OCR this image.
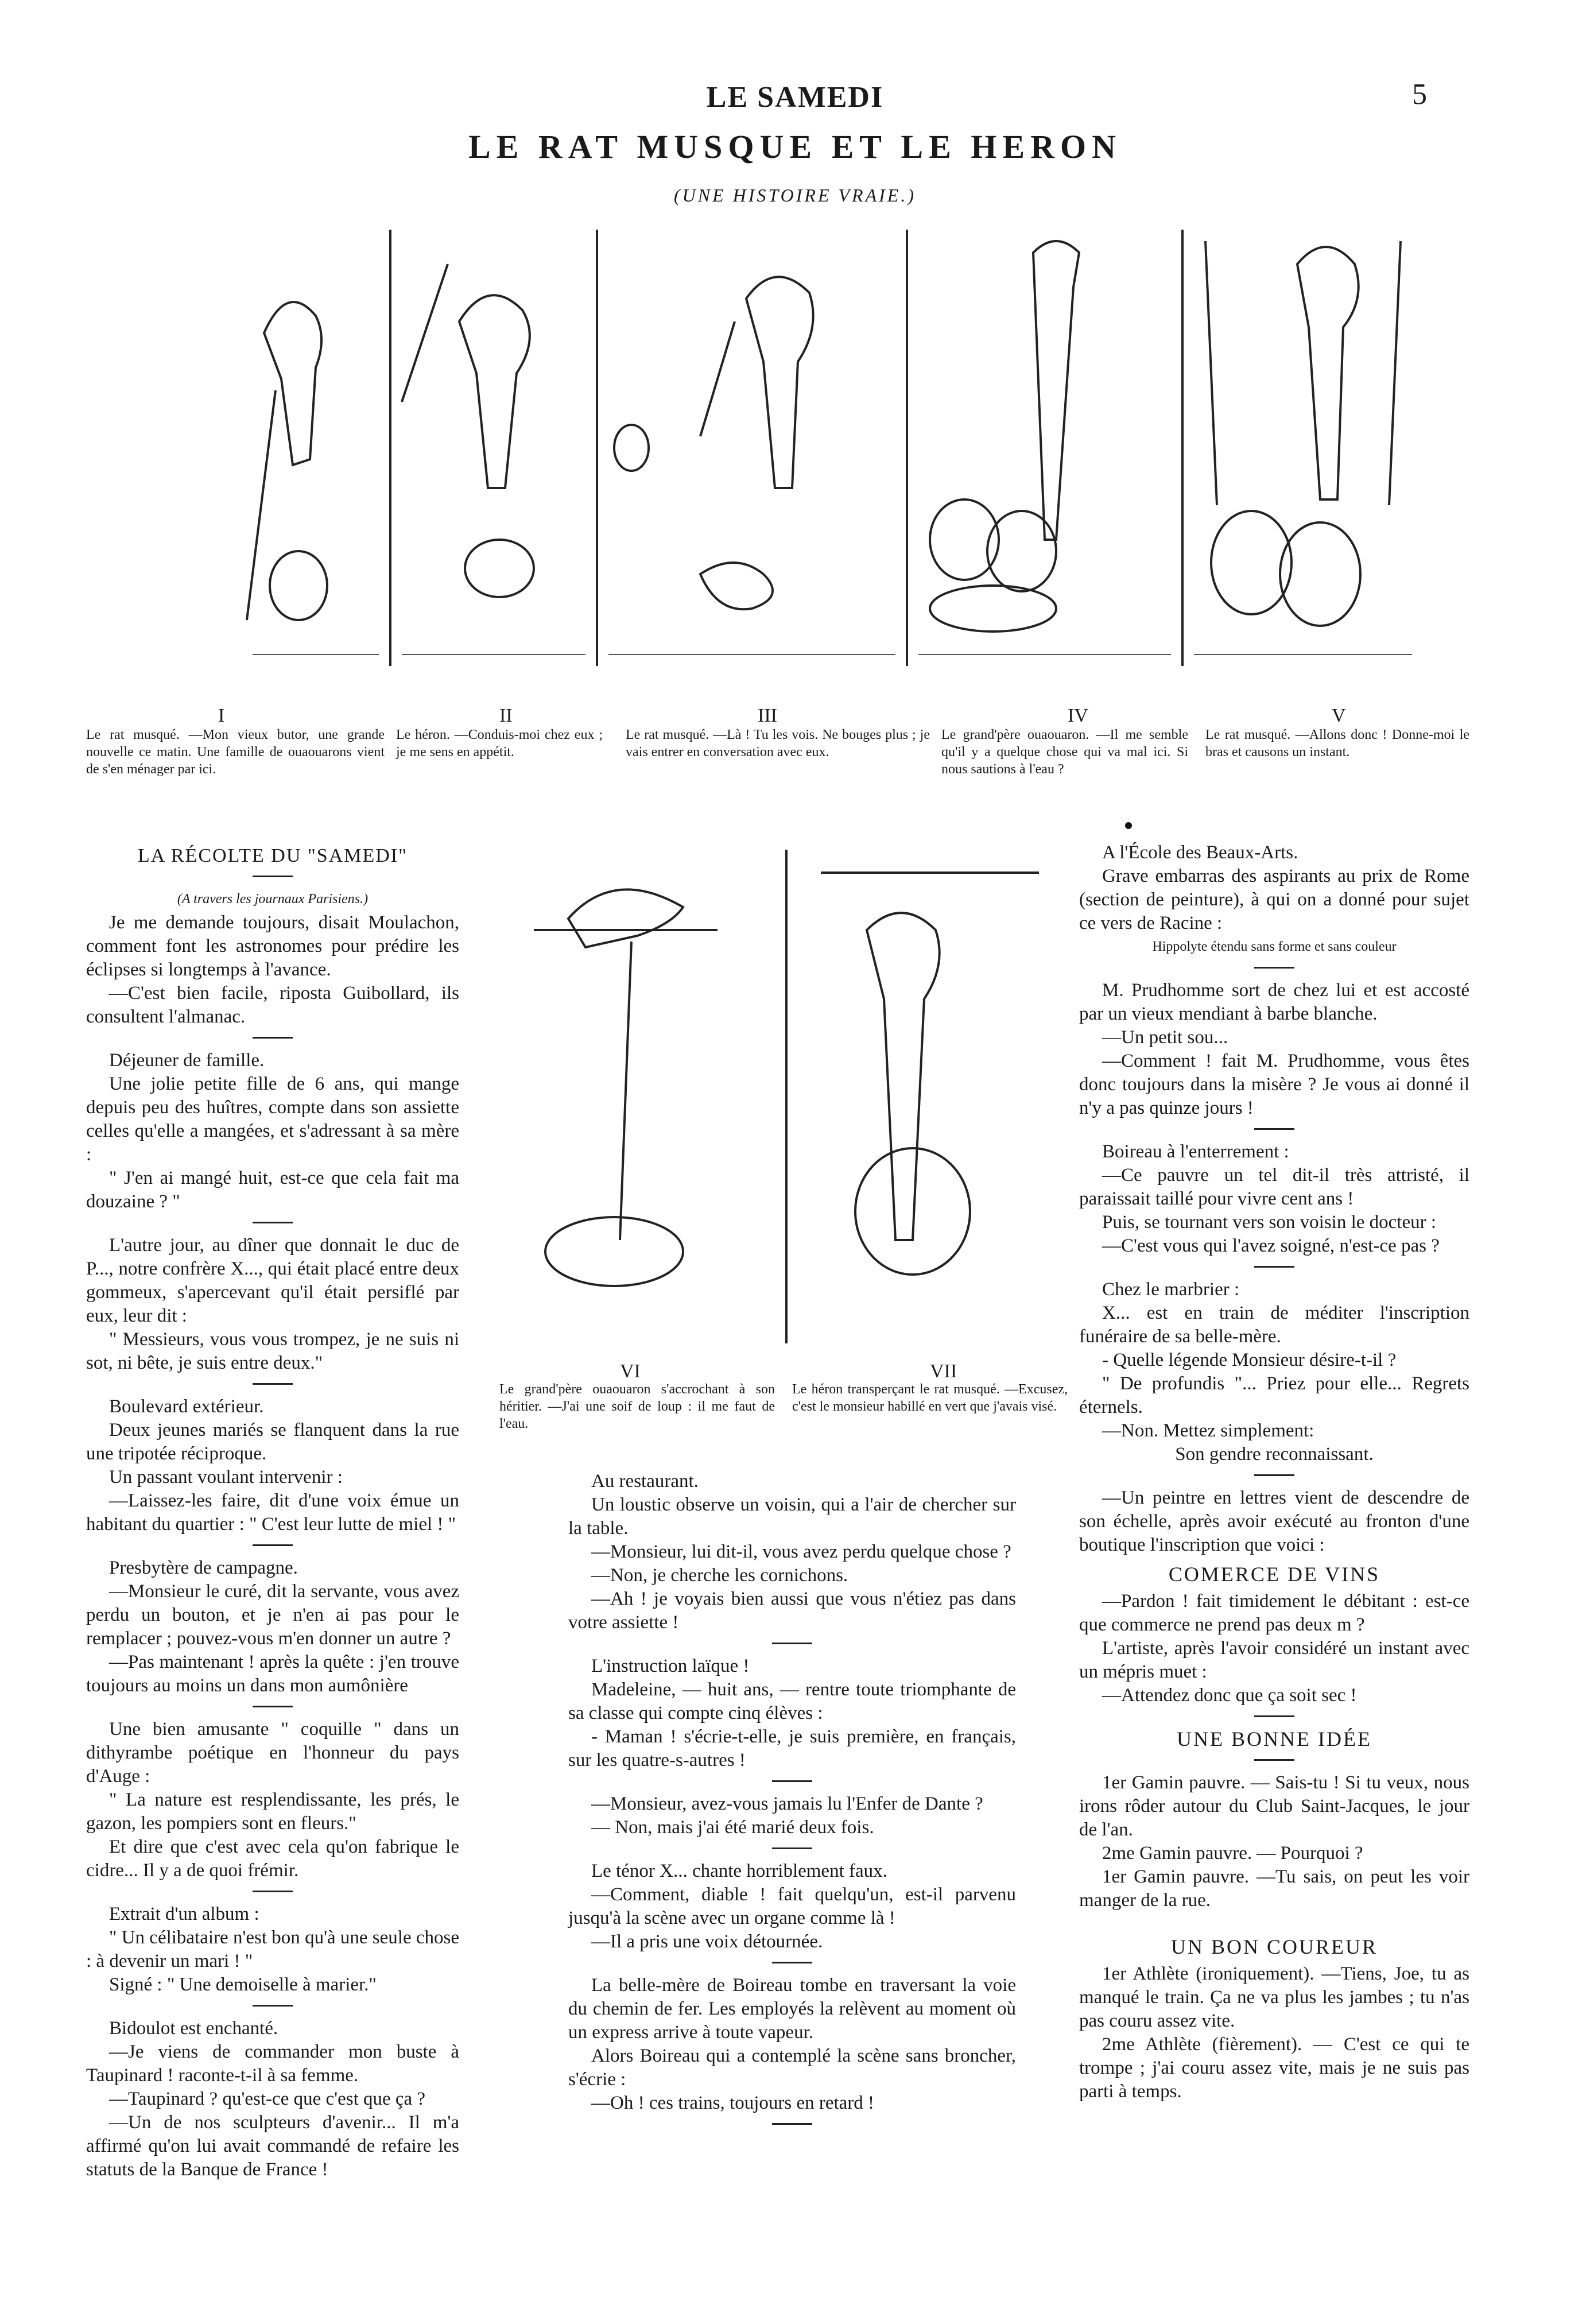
LE SAMEDI	5
LE RAT MUSQUE ET LE HERON
(UNE HISTOIRE VRAIE.)
I
Le rat musqué. —Mon vieux butor, une grande nouvelle ce matin. Une famille de ouaouarons vient de s'en ménager par ici.
II
Le héron. —Conduis-moi chez eux ; je me sens en appétit.
III
Le rat musqué. —Là ! Tu les vois. Ne bouges plus ; je vais entrer en conversation avec eux.
IV
Le grand'père ouaouaron. —Il me semble qu'il y a quelque chose qui va mal ici. Si nous sautions à l'eau ?
V
Le rat musqué. —Allons donc ! Donne-moi le bras et causons un instant.
VI
Le grand'père ouaouaron s'accrochant à son héritier. —J'ai une soif de loup : il me faut de l'eau.
VII
Le héron transperçant le rat musqué. —Excusez, c'est le monsieur habillé en vert que j'avais visé.

LA RÉCOLTE DU "SAMEDI"

(A travers les journaux Parisiens.)

Je me demande toujours, disait Moulachon, comment font les astronomes pour prédire les éclipses si longtemps à l'avance.

—C'est bien facile, riposta Guibollard, ils consultent l'almanac.

Déjeuner de famille.

Une jolie petite fille de 6 ans, qui mange depuis peu des huîtres, compte dans son assiette celles qu'elle a mangées, et s'adressant à sa mère :

" J'en ai mangé huit, est-ce que cela fait ma douzaine ? "

L'autre jour, au dîner que donnait le duc de P..., notre confrère X..., qui était placé entre deux gommeux, s'apercevant qu'il était persiflé par eux, leur dit :

" Messieurs, vous vous trompez, je ne suis ni sot, ni bête, je suis entre deux."

Boulevard extérieur.

Deux jeunes mariés se flanquent dans la rue une tripotée réciproque.

Un passant voulant intervenir :

—Laissez-les faire, dit d'une voix émue un habitant du quartier : " C'est leur lutte de miel ! "

Presbytère de campagne.

—Monsieur le curé, dit la servante, vous avez perdu un bouton, et je n'en ai pas pour le remplacer ; pouvez-vous m'en donner un autre ?

—Pas maintenant ! après la quête : j'en trouve toujours au moins un dans mon aumônière

Une bien amusante " coquille " dans un dithyrambe poétique en l'honneur du pays d'Auge :

" La nature est resplendissante, les prés, le gazon, les pompiers sont en fleurs."

Et dire que c'est avec cela qu'on fabrique le cidre... Il y a de quoi frémir.

Extrait d'un album :

" Un célibataire n'est bon qu'à une seule chose : à devenir un mari ! "

Signé : " Une demoiselle à marier."

Bidoulot est enchanté.

—Je viens de commander mon buste à Taupinard ! raconte-t-il à sa femme.

—Taupinard ? qu'est-ce que c'est que ça ?

—Un de nos sculpteurs d'avenir... Il m'a affirmé qu'on lui avait commandé de refaire les statuts de la Banque de France !

Au restaurant.

Un loustic observe un voisin, qui a l'air de chercher sur la table.

—Monsieur, lui dit-il, vous avez perdu quelque chose ?

—Non, je cherche les cornichons.

—Ah ! je voyais bien aussi que vous n'étiez pas dans votre assiette !

L'instruction laïque !

Madeleine, — huit ans, — rentre toute triomphante de sa classe qui compte cinq élèves :

- Maman ! s'écrie-t-elle, je suis première, en français, sur les quatre-s-autres !

—Monsieur, avez-vous jamais lu l'Enfer de Dante ?

— Non, mais j'ai été marié deux fois.

Le ténor X... chante horriblement faux.

—Comment, diable ! fait quelqu'un, est-il parvenu jusqu'à la scène avec un organe comme là !

—Il a pris une voix détournée.

La belle-mère de Boireau tombe en traversant la voie du chemin de fer. Les employés la relèvent au moment où un express arrive à toute vapeur.

Alors Boireau qui a contemplé la scène sans broncher, s'écrie :

—Oh ! ces trains, toujours en retard !

A l'École des Beaux-Arts.

Grave embarras des aspirants au prix de Rome (section de peinture), à qui on a donné pour sujet ce vers de Racine :

Hippolyte étendu sans forme et sans couleur

M. Prudhomme sort de chez lui et est accosté par un vieux mendiant à barbe blanche.

—Un petit sou...

—Comment ! fait M. Prudhomme, vous êtes donc toujours dans la misère ? Je vous ai donné il n'y a pas quinze jours !

Boireau à l'enterrement :

—Ce pauvre un tel dit-il très attristé, il paraissait taillé pour vivre cent ans !

Puis, se tournant vers son voisin le docteur :

—C'est vous qui l'avez soigné, n'est-ce pas ?

Chez le marbrier :

X... est en train de méditer l'inscription funéraire de sa belle-mère.

- Quelle légende Monsieur désire-t-il ?

" De profundis "... Priez pour elle... Regrets éternels.

—Non. Mettez simplement:

Son gendre reconnaissant.

—Un peintre en lettres vient de descendre de son échelle, après avoir exécuté au fronton d'une boutique l'inscription que voici :

COMERCE DE VINS

—Pardon ! fait timidement le débitant : est-ce que commerce ne prend pas deux m ?

L'artiste, après l'avoir considéré un instant avec un mépris muet :

—Attendez donc que ça soit sec !

UNE BONNE IDÉE

1er Gamin pauvre. — Sais-tu ! Si tu veux, nous irons rôder autour du Club Saint-Jacques, le jour de l'an.

2me Gamin pauvre. — Pourquoi ?

1er Gamin pauvre. —Tu sais, on peut les voir manger de la rue.

UN BON COUREUR

1er Athlète (ironiquement). —Tiens, Joe, tu as manqué le train. Ça ne va plus les jambes ; tu n'as pas couru assez vite.

2me Athlète (fièrement). — C'est ce qui te trompe ; j'ai couru assez vite, mais je ne suis pas parti à temps.
